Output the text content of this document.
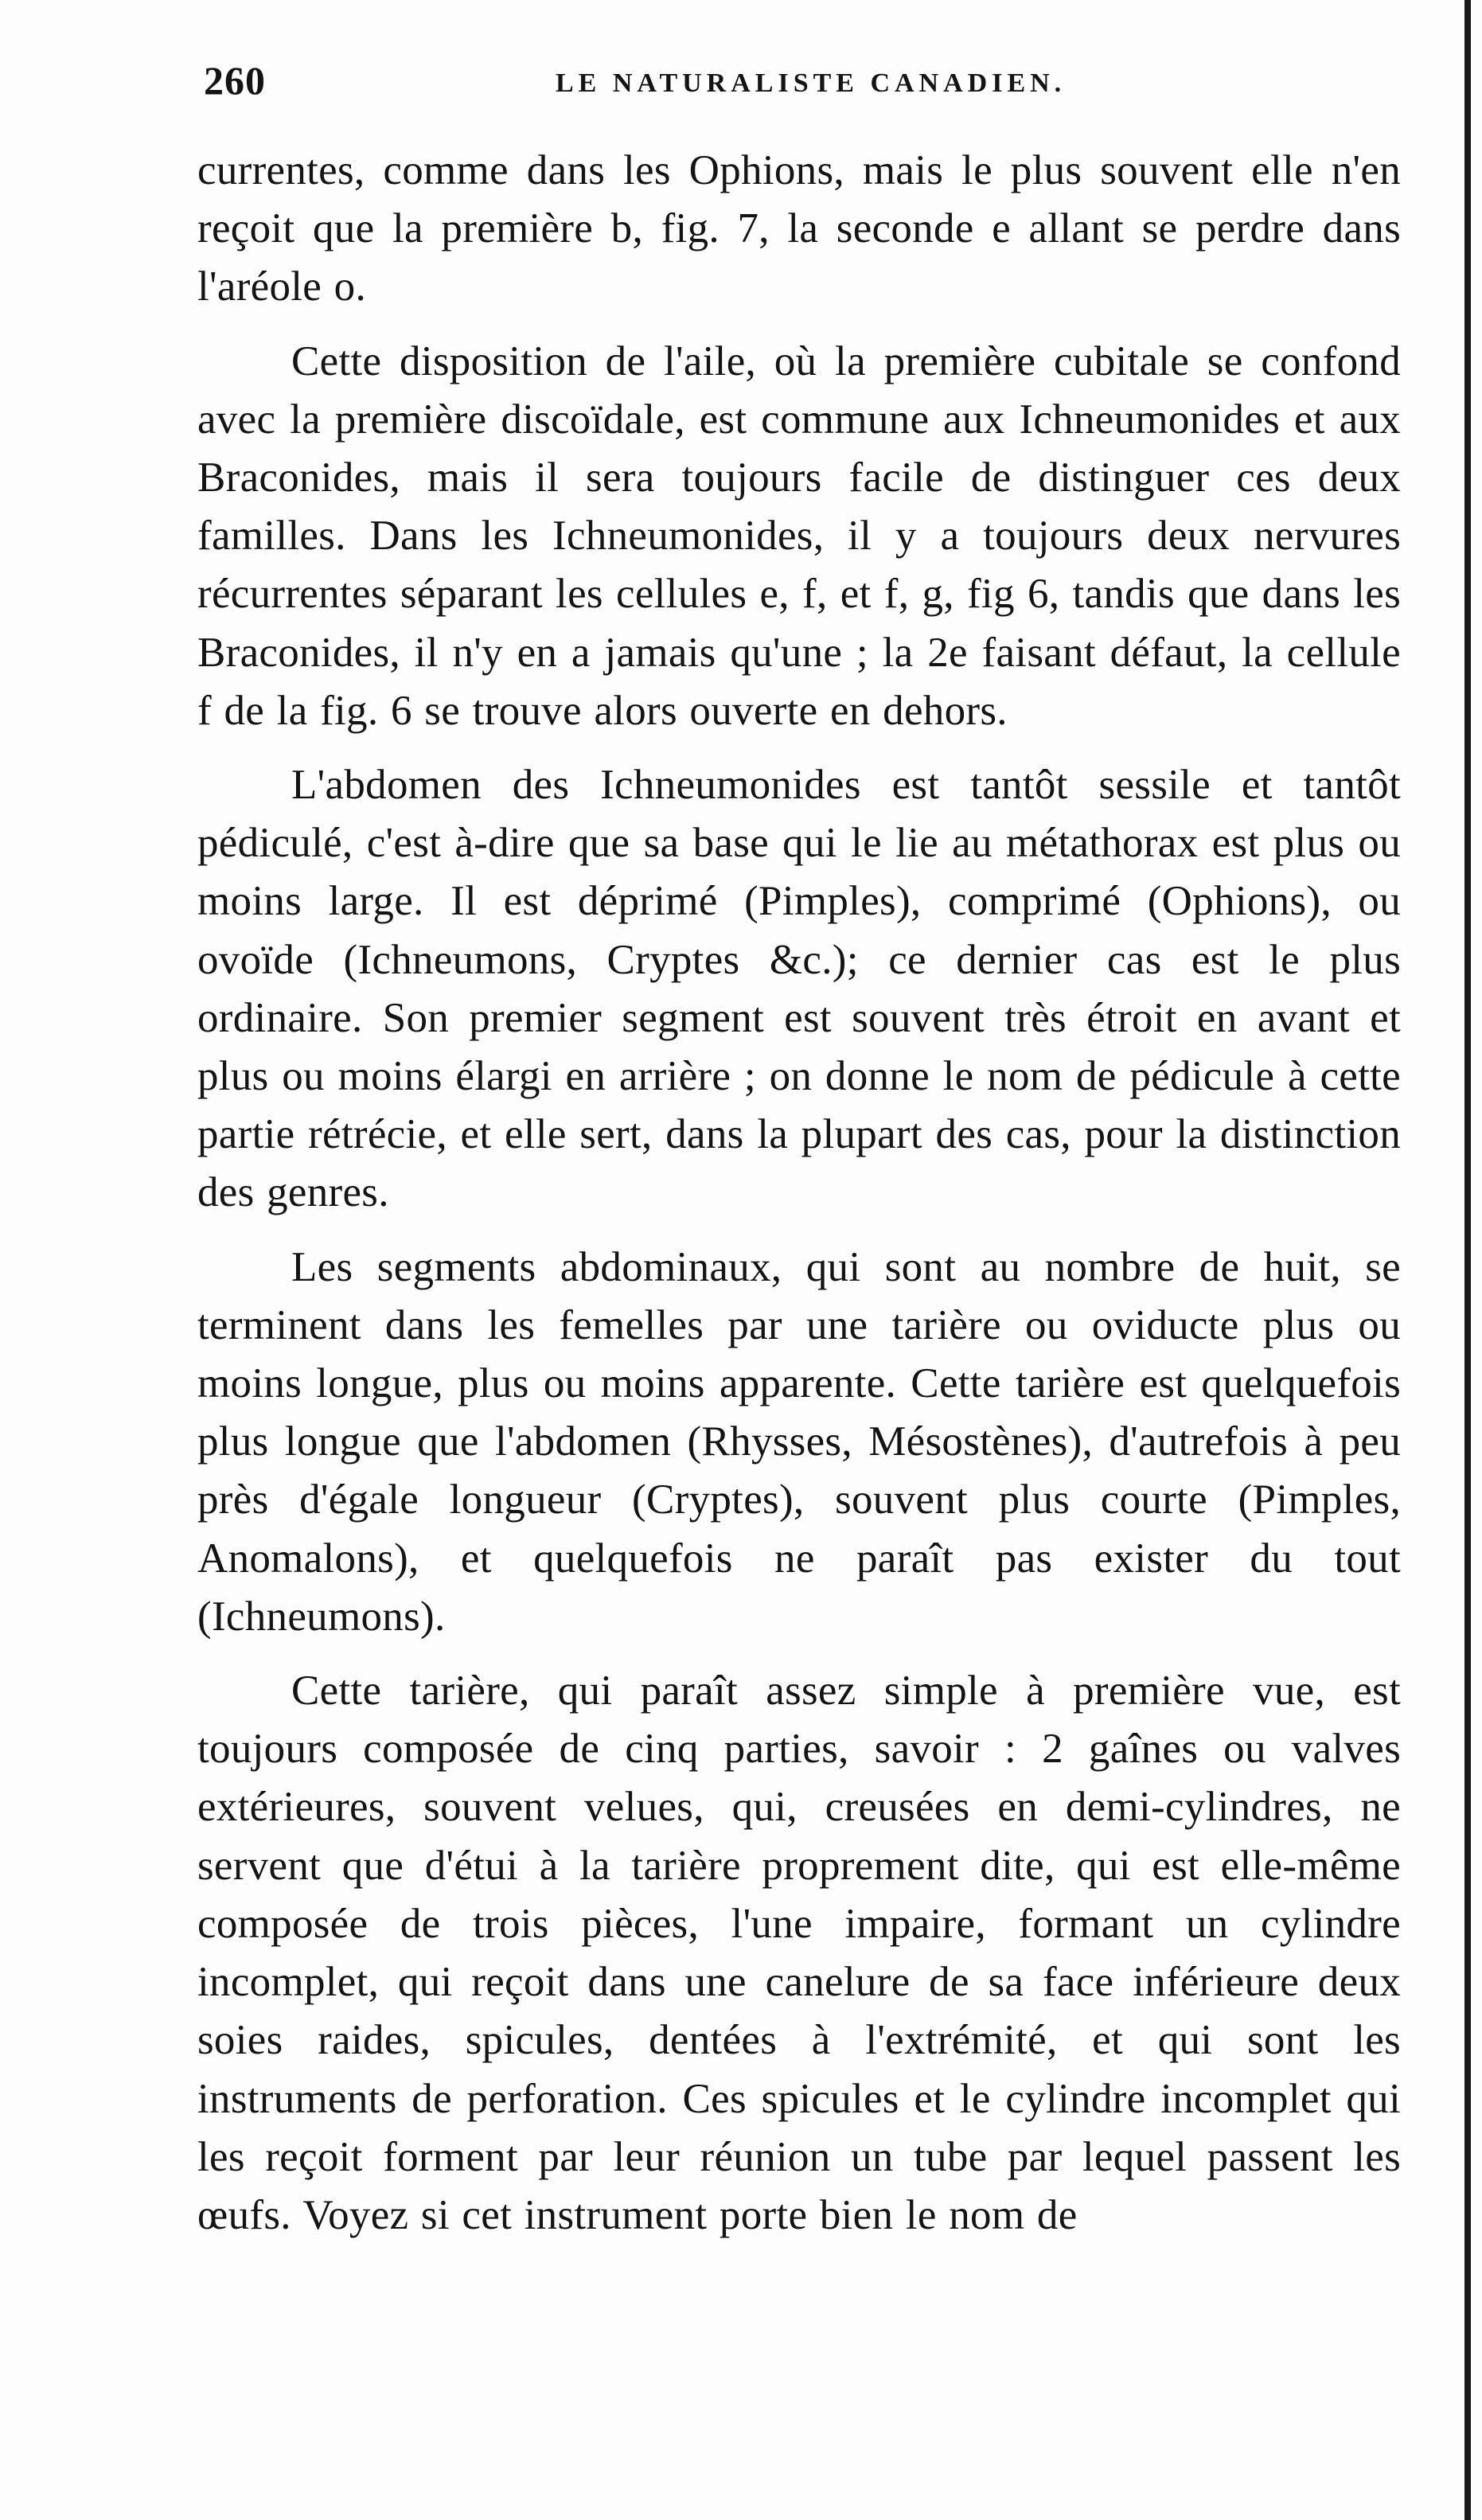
260	LE NATURALISTE CANADIEN.

currentes, comme dans les Ophions, mais le plus souvent elle n'en reçoit que la première b, fig. 7, la seconde e allant se perdre dans l'aréole o.

Cette disposition de l'aile, où la première cubitale se confond avec la première discoïdale, est commune aux Ichneumonides et aux Braconides, mais il sera toujours facile de distinguer ces deux familles. Dans les Ichneumonides, il y a toujours deux nervures récurrentes séparant les cellules e, f, et f, g, fig 6, tandis que dans les Braconides, il n'y en a jamais qu'une ; la 2e faisant défaut, la cellule f de la fig. 6 se trouve alors ouverte en dehors.

L'abdomen des Ichneumonides est tantôt sessile et tantôt pédiculé, c'est à-dire que sa base qui le lie au métathorax est plus ou moins large. Il est déprimé (Pimples), comprimé (Ophions), ou ovoïde (Ichneumons, Cryptes &c.); ce dernier cas est le plus ordinaire. Son premier segment est souvent très étroit en avant et plus ou moins élargi en arrière ; on donne le nom de pédicule à cette partie rétrécie, et elle sert, dans la plupart des cas, pour la distinction des genres.

Les segments abdominaux, qui sont au nombre de huit, se terminent dans les femelles par une tarière ou oviducte plus ou moins longue, plus ou moins apparente. Cette tarière est quelquefois plus longue que l'abdomen (Rhysses, Mésostènes), d'autrefois à peu près d'égale longueur (Cryptes), souvent plus courte (Pimples, Anomalons), et quelquefois ne paraît pas exister du tout (Ichneumons).

Cette tarière, qui paraît assez simple à première vue, est toujours composée de cinq parties, savoir : 2 gaînes ou valves extérieures, souvent velues, qui, creusées en demi-cylindres, ne servent que d'étui à la tarière proprement dite, qui est elle-même composée de trois pièces, l'une impaire, formant un cylindre incomplet, qui reçoit dans une canelure de sa face inférieure deux soies raides, spicules, dentées à l'extrémité, et qui sont les instruments de perforation. Ces spicules et le cylindre incomplet qui les reçoit forment par leur réunion un tube par lequel passent les œufs. Voyez si cet instrument porte bien le nom de
